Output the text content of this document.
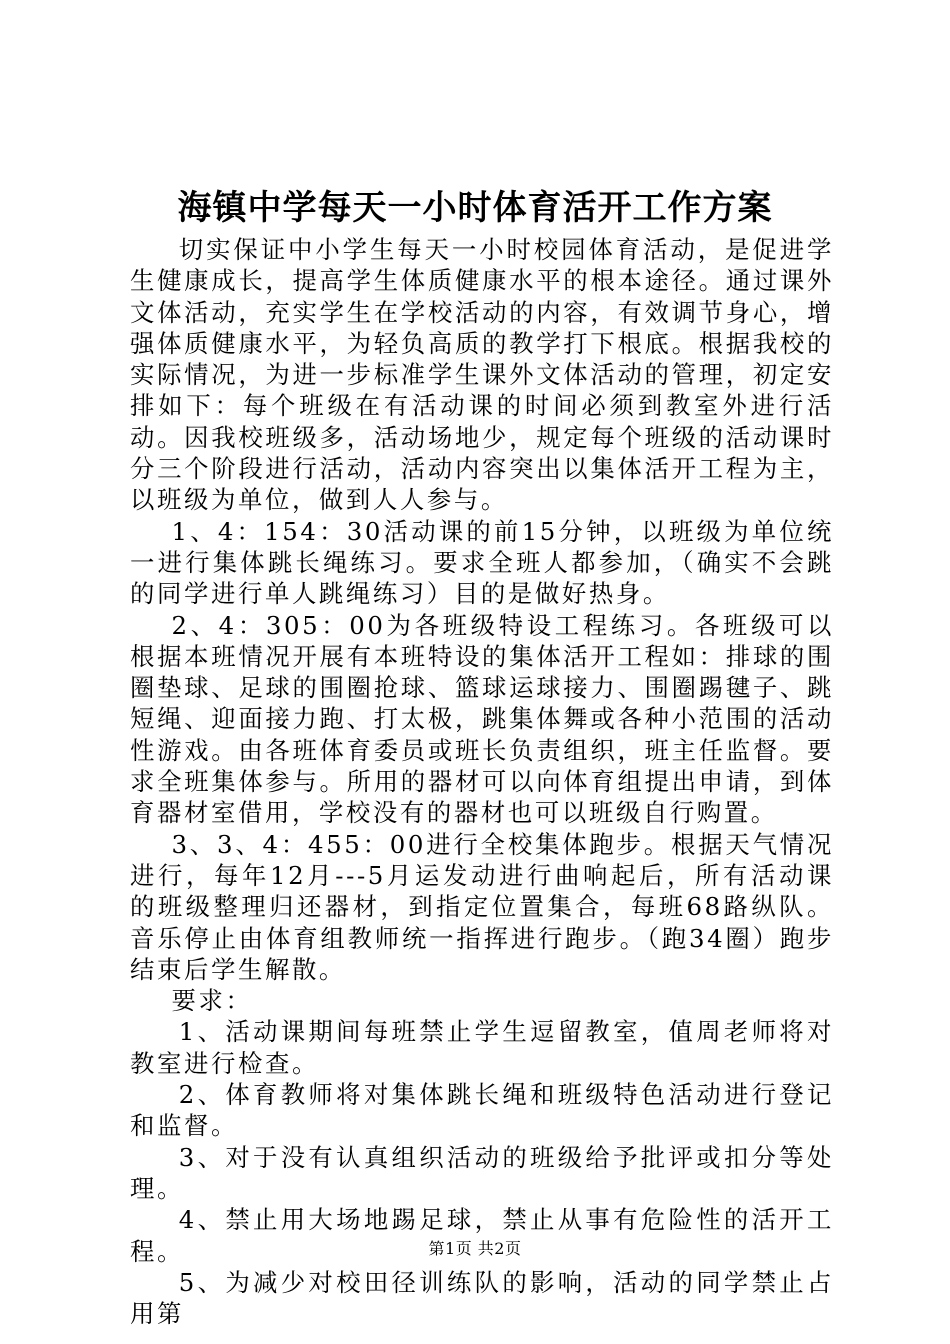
海镇中学每天一小时体育活开工作方案

切实保证中小学生每天一小时校园体育活动，是促进学生健康成长，提高学生体质健康水平的根本途径。通过课外文体活动，充实学生在学校活动的内容，有效调节身心，增强体质健康水平，为轻负高质的教学打下根底。根据我校的实际情况，为进一步标准学生课外文体活动的管理，初定安排如下：每个班级在有活动课的时间必须到教室外进行活动。因我校班级多，活动场地少，规定每个班级的活动课时分三个阶段进行活动，活动内容突出以集体活开工程为主，以班级为单位，做到人人参与。

1、4：154：30活动课的前15分钟，以班级为单位统一进行集体跳长绳练习。要求全班人都参加，（确实不会跳的同学进行单人跳绳练习）目的是做好热身。

2、4：305：00为各班级特设工程练习。各班级可以根据本班情况开展有本班特设的集体活开工程如：排球的围圈垫球、足球的围圈抢球、篮球运球接力、围圈踢毽子、跳短绳、迎面接力跑、打太极，跳集体舞或各种小范围的活动性游戏。由各班体育委员或班长负责组织，班主任监督。要求全班集体参与。所用的器材可以向体育组提出申请，到体育器材室借用，学校没有的器材也可以班级自行购置。

3、3、4：455：00进行全校集体跑步。根据天气情况进行，每年12月---5月运发动进行曲响起后，所有活动课的班级整理归还器材，到指定位置集合，每班68路纵队。音乐停止由体育组教师统一指挥进行跑步。（跑34圈）跑步结束后学生解散。

要求：

1、活动课期间每班禁止学生逗留教室，值周老师将对教室进行检查。

2、体育教师将对集体跳长绳和班级特色活动进行登记和监督。

3、对于没有认真组织活动的班级给予批评或扣分等处理。

4、禁止用大场地踢足球，禁止从事有危险性的活开工程。

5、为减少对校田径训练队的影响，活动的同学禁止占用第

第1页 共2页
